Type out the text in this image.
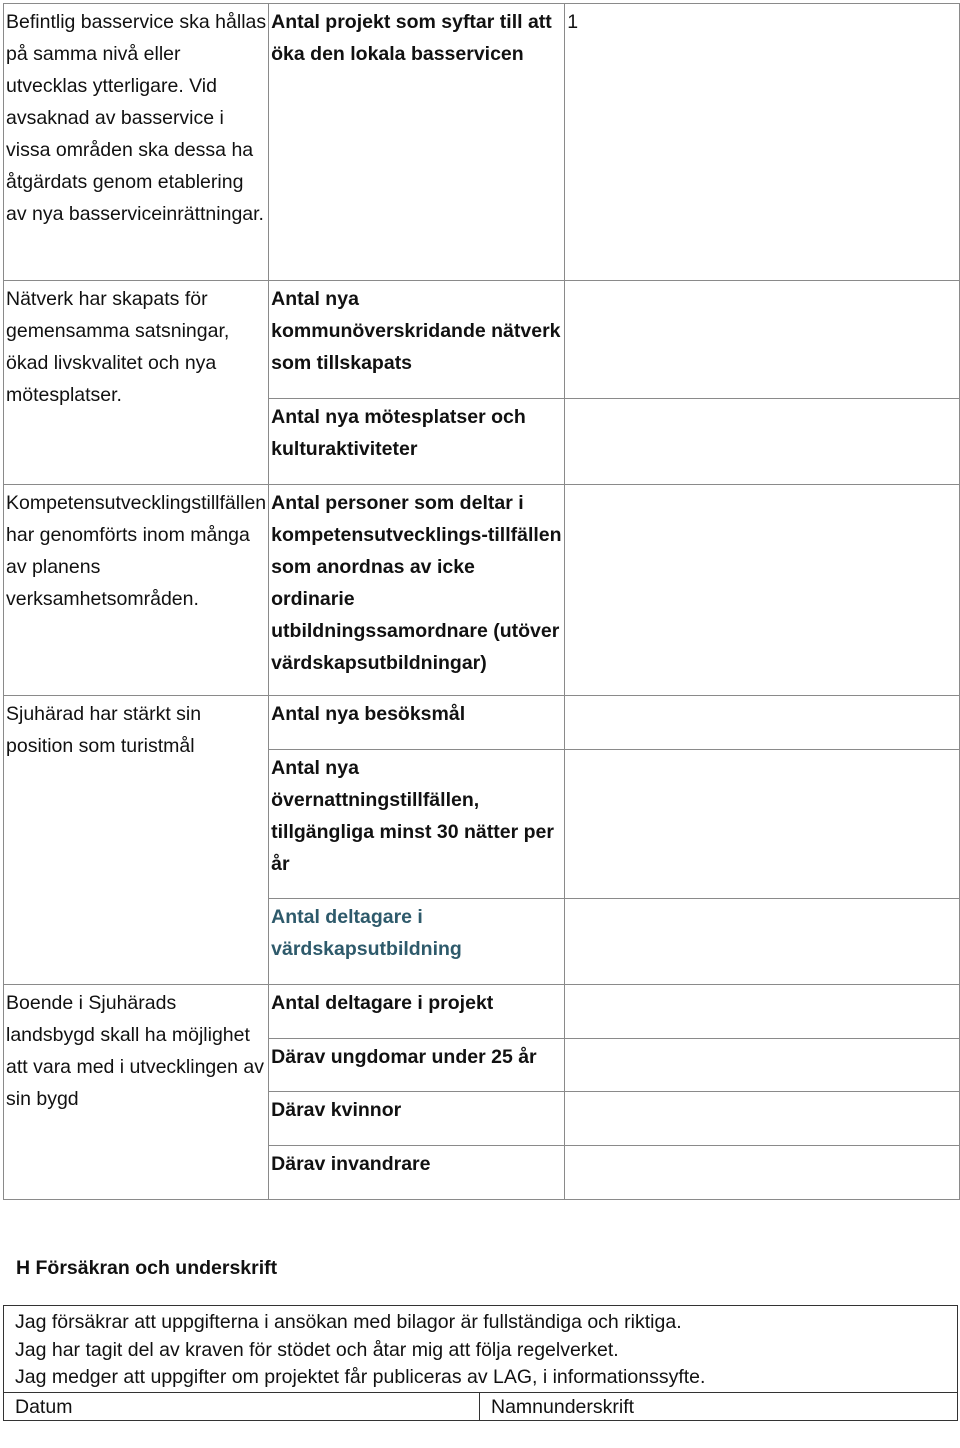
Befintlig basservice ska hållas på samma nivå eller utvecklas ytterligare. Vid avsaknad av basservice i vissa områden ska dessa ha åtgärdats genom etablering av nya basserviceinrättningar.	Antal projekt som syftar till att öka den lokala basservicen	1
Nätverk har skapats för gemensamma satsningar, ökad livskvalitet och nya mötesplatser.	Antal nya kommunöverskridande nätverk som tillskapats	
	Antal nya mötesplatser och kulturaktiviteter	
Kompetensutvecklingstillfällen har genomförts inom många av planens verksamhetsområden.	Antal personer som deltar i kompetensutvecklings-tillfällen som anordnas av icke ordinarie utbildningssamordnare (utöver värdskapsutbildningar)	
Sjuhärad har stärkt sin position som turistmål	Antal nya besöksmål	
	Antal nya övernattningstillfällen, tillgängliga minst 30 nätter per år	
	Antal deltagare i värdskapsutbildning	
Boende i Sjuhärads landsbygd skall ha möjlighet att vara med i utvecklingen av sin bygd	Antal deltagare i projekt	
	Därav ungdomar under 25 år	
	Därav kvinnor	
	Därav invandrare	
H Försäkran och underskrift

Jag försäkrar att uppgifterna i ansökan med bilagor är fullständiga och riktiga.

Jag har tagit del av kraven för stödet och åtar mig att följa regelverket.

Jag medger att uppgifter om projektet får publiceras av LAG, i informationssyfte.

Datum	Namnunderskrift
